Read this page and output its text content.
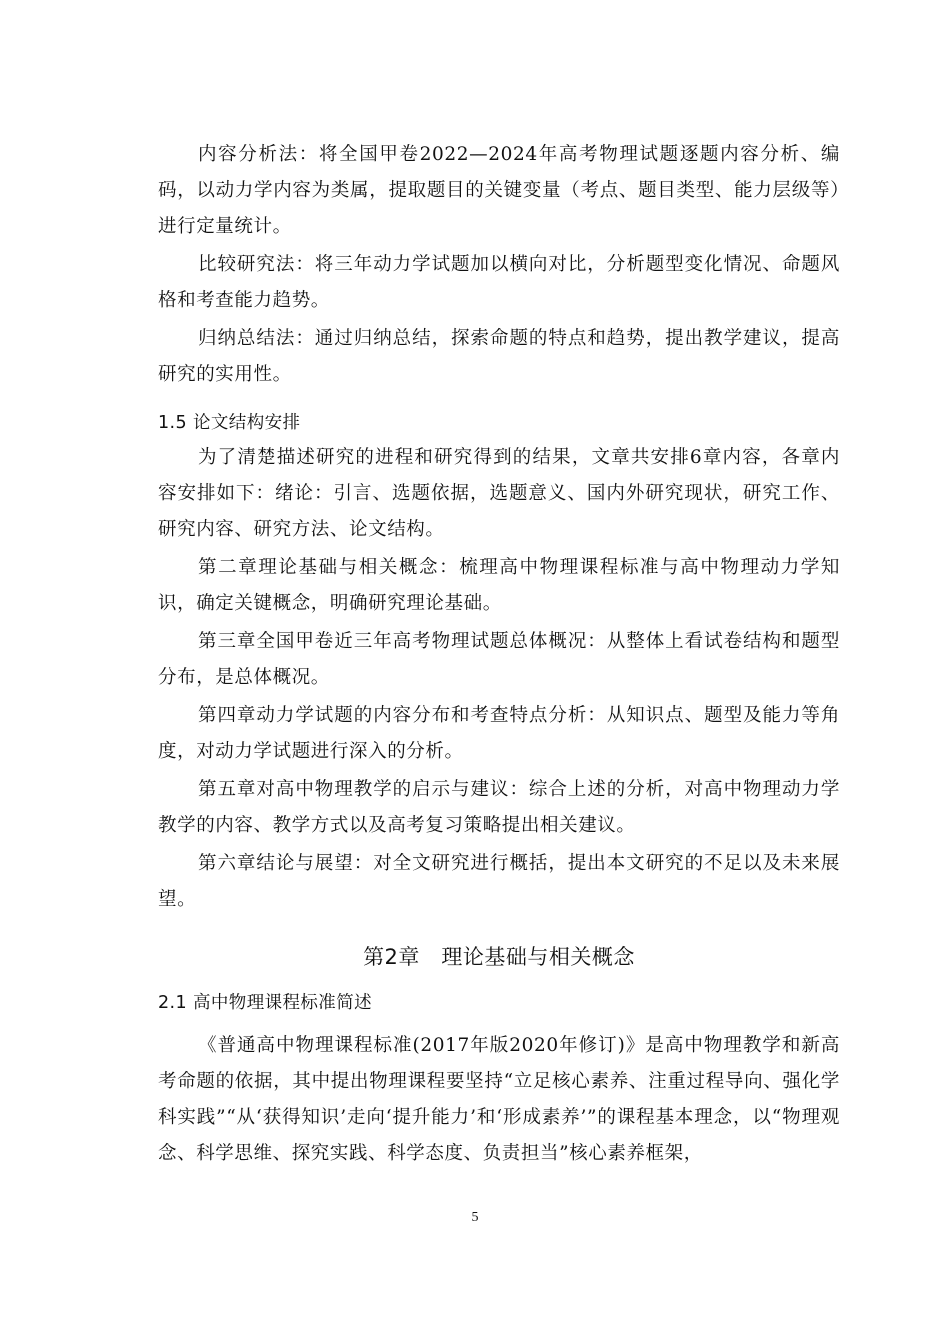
内容分析法：将全国甲卷2022—2024年高考物理试题逐题内容分析、编码，以动力学内容为类属，提取题目的关键变量（考点、题目类型、能力层级等）进行定量统计。

比较研究法：将三年动力学试题加以横向对比，分析题型变化情况、命题风格和考查能力趋势。

归纳总结法：通过归纳总结，探索命题的特点和趋势，提出教学建议，提高研究的实用性。

1.5 论文结构安排

为了清楚描述研究的进程和研究得到的结果，文章共安排6章内容，各章内容安排如下：绪论：引言、选题依据，选题意义、国内外研究现状，研究工作、研究内容、研究方法、论文结构。

第二章理论基础与相关概念：梳理高中物理课程标准与高中物理动力学知识，确定关键概念，明确研究理论基础。

第三章全国甲卷近三年高考物理试题总体概况：从整体上看试卷结构和题型分布，是总体概况。

第四章动力学试题的内容分布和考查特点分析：从知识点、题型及能力等角度，对动力学试题进行深入的分析。

第五章对高中物理教学的启示与建议：综合上述的分析，对高中物理动力学教学的内容、教学方式以及高考复习策略提出相关建议。

第六章结论与展望：对全文研究进行概括，提出本文研究的不足以及未来展望。

第2章　理论基础与相关概念
2.1 高中物理课程标准简述

《普通高中物理课程标准(2017年版2020年修订)》是高中物理教学和新高考命题的依据，其中提出物理课程要坚持“立足核心素养、注重过程导向、强化学科实践”“从‘获得知识’走向‘提升能力’和‘形成素养’”的课程基本理念，以“物理观念、科学思维、探究实践、科学态度、负责担当”核心素养框架，

5
